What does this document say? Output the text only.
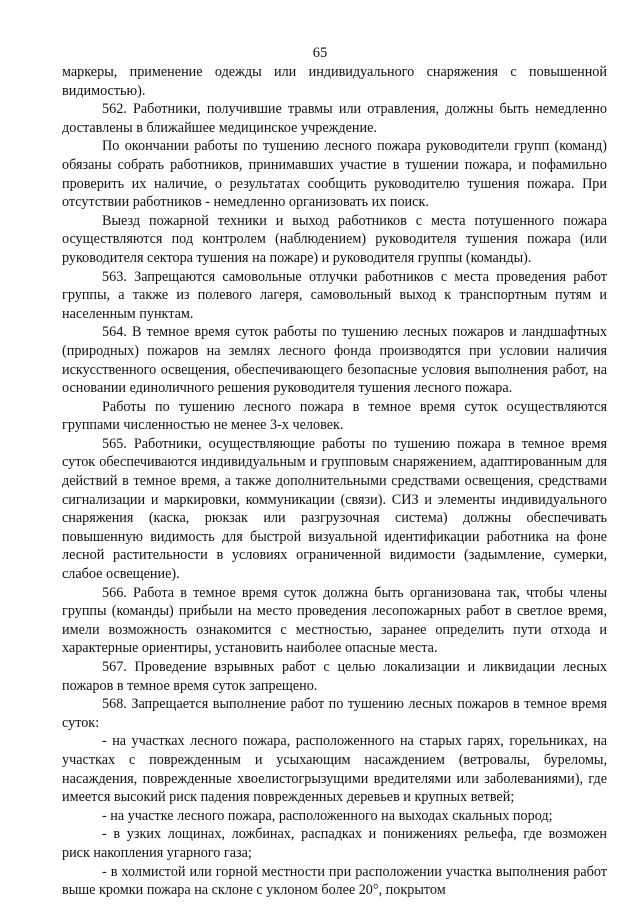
65

маркеры, применение одежды или индивидуального снаряжения с повышенной видимостью).

562. Работники, получившие травмы или отравления, должны быть немедленно доставлены в ближайшее медицинское учреждение.

По окончании работы по тушению лесного пожара руководители групп (команд) обязаны собрать работников, принимавших участие в тушении пожара, и пофамильно проверить их наличие, о результатах сообщить руководителю тушения пожара. При отсутствии работников - немедленно организовать их поиск.

Выезд пожарной техники и выход работников с места потушенного пожара осуществляются под контролем (наблюдением) руководителя тушения пожара (или руководителя сектора тушения на пожаре) и руководителя группы (команды).

563. Запрещаются самовольные отлучки работников с места проведения работ группы, а также из полевого лагеря, самовольный выход к транспортным путям и населенным пунктам.

564. В темное время суток работы по тушению лесных пожаров и ландшафтных (природных) пожаров на землях лесного фонда производятся при условии наличия искусственного освещения, обеспечивающего безопасные условия выполнения работ, на основании единоличного решения руководителя тушения лесного пожара.

Работы по тушению лесного пожара в темное время суток осуществляются группами численностью не менее 3-х человек.

565. Работники, осуществляющие работы по тушению пожара в темное время суток обеспечиваются индивидуальным и групповым снаряжением, адаптированным для действий в темное время, а также дополнительными средствами освещения, средствами сигнализации и маркировки, коммуникации (связи). СИЗ и элементы индивидуального снаряжения (каска, рюкзак или разгрузочная система) должны обеспечивать повышенную видимость для быстрой визуальной идентификации работника на фоне лесной растительности в условиях ограниченной видимости (задымление, сумерки, слабое освещение).

566. Работа в темное время суток должна быть организована так, чтобы члены группы (команды) прибыли на место проведения лесопожарных работ в светлое время, имели возможность ознакомится с местностью, заранее определить пути отхода и характерные ориентиры, установить наиболее опасные места.

567. Проведение взрывных работ с целью локализации и ликвидации лесных пожаров в темное время суток запрещено.

568. Запрещается выполнение работ по тушению лесных пожаров в темное время суток:

- на участках лесного пожара, расположенного на старых гарях, горельниках, на участках с поврежденным и усыхающим насаждением (ветровалы, буреломы, насаждения, поврежденные хвоелистогрызущими вредителями или заболеваниями), где имеется высокий риск падения поврежденных деревьев и крупных ветвей;

- на участке лесного пожара, расположенного на выходах скальных пород;

- в узких лощинах, ложбинах, распадках и понижениях рельефа, где возможен риск накопления угарного газа;

- в холмистой или горной местности при расположении участка выполнения работ выше кромки пожара на склоне с уклоном более 20°, покрытом
